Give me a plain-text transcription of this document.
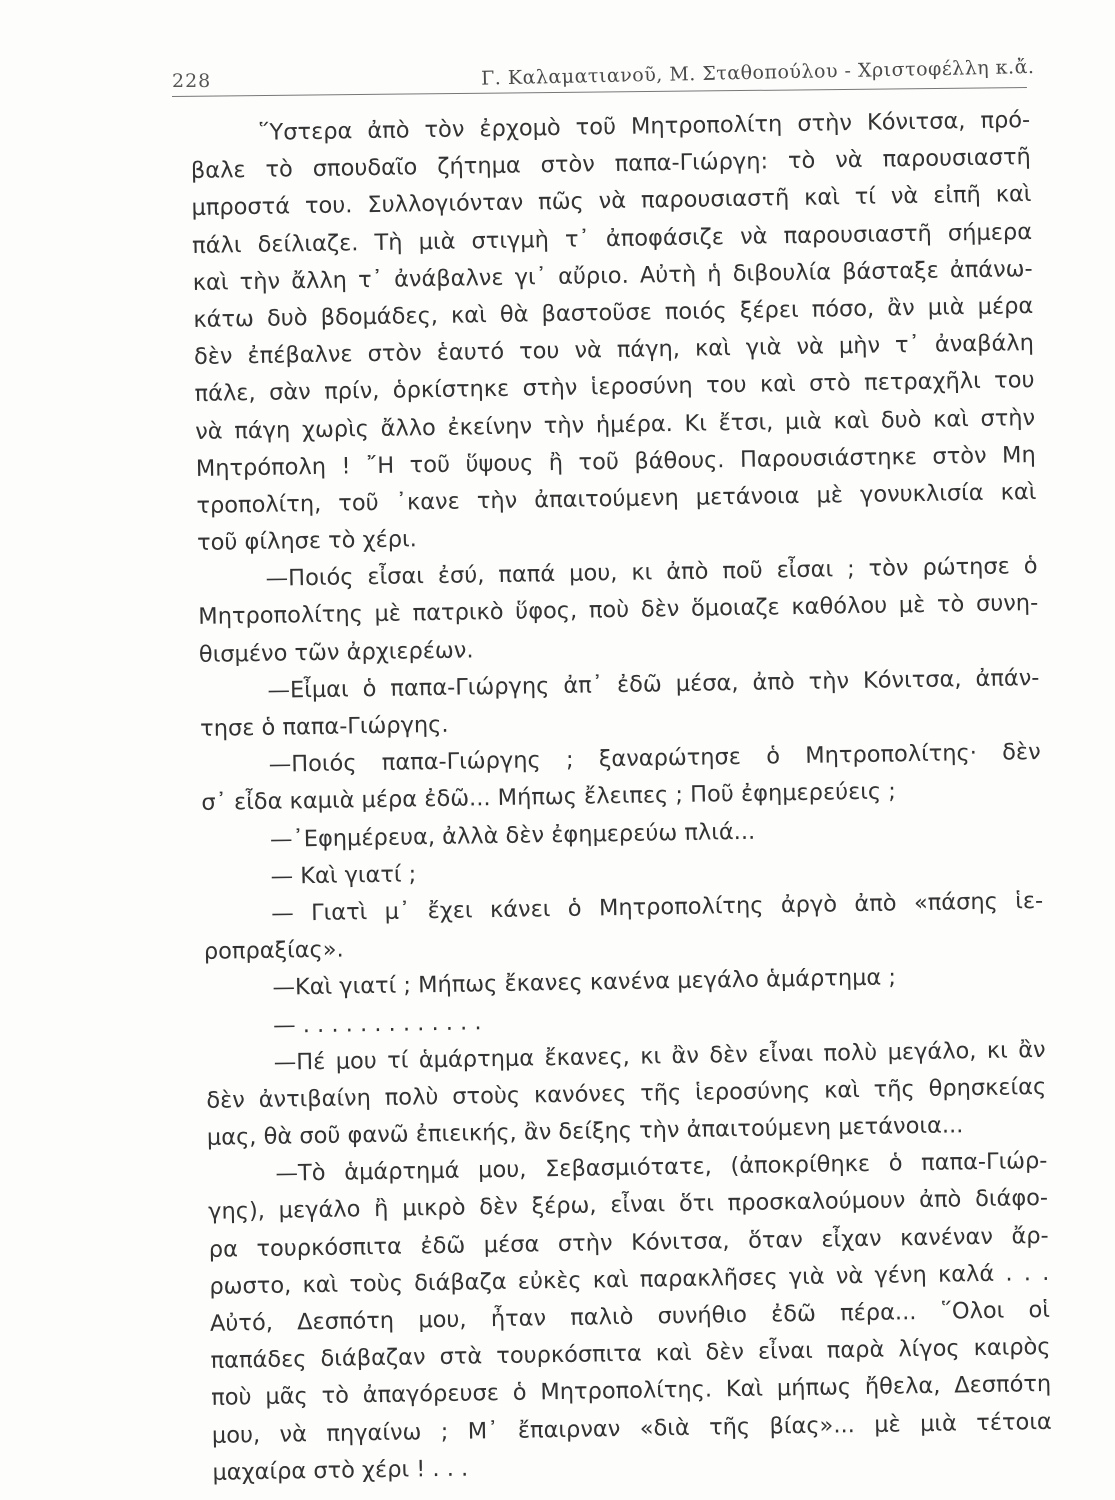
228	Γ. Καλαματιανοῦ, Μ. Σταθοπούλου - Χριστοφέλλη κ.ἄ.
῞Υστερα ἀπὸ τὸν ἐρχομὸ τοῦ Μητροπολίτη στὴν Κόνιτσα, πρό-
βαλε τὸ σπουδαῖο ζήτημα στὸν παπα-Γιώργη: τὸ νὰ παρουσιαστῆ
μπροστά του. Συλλογιόνταν πῶς νὰ παρουσιαστῆ καὶ τί νὰ εἰπῆ καὶ
πάλι δείλιαζε. Τὴ μιὰ στιγμὴ τ᾽ ἀποφάσιζε νὰ παρουσιαστῆ σήμερα
καὶ τὴν ἄλλη τ᾽ ἀνάβαλνε γι᾽ αὔριο. Αὐτὴ ἡ διβουλία βάσταξε ἀπάνω-
κάτω δυὸ βδομάδες, καὶ θὰ βαστοῦσε ποιός ξέρει πόσο, ἂν μιὰ μέρα
δὲν ἐπέβαλνε στὸν ἑαυτό του νὰ πάγη, καὶ γιὰ νὰ μὴν τ᾽ ἀναβάλη
πάλε, σὰν πρίν, ὁρκίστηκε στὴν ἱεροσύνη του καὶ στὸ πετραχῆλι του
νὰ πάγη χωρὶς ἄλλο ἐκείνην τὴν ἡμέρα. Κι ἔτσι, μιὰ καὶ δυὸ καὶ στὴν
Μητρόπολη ! ῎Η τοῦ ὕψους ἢ τοῦ βάθους. Παρουσιάστηκε στὸν Μη
τροπολίτη, τοῦ ᾽κανε τὴν ἀπαιτούμενη μετάνοια μὲ γονυκλισία καὶ
τοῦ φίλησε τὸ χέρι.
—Ποιός εἶσαι ἐσύ, παπά μου, κι ἀπὸ ποῦ εἶσαι ; τὸν ρώτησε ὁ
Μητροπολίτης μὲ πατρικὸ ὕφος, ποὺ δὲν ὅμοιαζε καθόλου μὲ τὸ συνη-
θισμένο τῶν ἀρχιερέων.
—Εἶμαι ὁ παπα-Γιώργης ἀπ᾽ ἐδῶ μέσα, ἀπὸ τὴν Κόνιτσα, ἀπάν-
τησε ὁ παπα-Γιώργης.
—Ποιός παπα-Γιώργης ; ξαναρώτησε ὁ Μητροπολίτης· δὲν
σ᾽ εἶδα καμιὰ μέρα ἐδῶ... Μήπως ἔλειπες ; Ποῦ ἐφημερεύεις ;
—᾽Εφημέρευα, ἀλλὰ δὲν ἐφημερεύω πλιά...
— Καὶ γιατί ;
— Γιατὶ μ᾽ ἔχει κάνει ὁ Μητροπολίτης ἀργὸ ἀπὸ «πάσης ἱε-
ροπραξίας».
—Καὶ γιατί ; Μήπως ἔκανες κανένα μεγάλο ἁμάρτημα ;
— . . . . . . . . . . . . .
—Πέ μου τί ἁμάρτημα ἔκανες, κι ἂν δὲν εἶναι πολὺ μεγάλο, κι ἂν
δὲν ἀντιβαίνη πολὺ στοὺς κανόνες τῆς ἱεροσύνης καὶ τῆς θρησκείας
μας, θὰ σοῦ φανῶ ἐπιεικής, ἂν δείξης τὴν ἀπαιτούμενη μετάνοια...
—Τὸ ἁμάρτημά μου, Σεβασμιότατε, (ἀποκρίθηκε ὁ παπα-Γιώρ-
γης), μεγάλο ἢ μικρὸ δὲν ξέρω, εἶναι ὅτι προσκαλούμουν ἀπὸ διάφο-
ρα τουρκόσπιτα ἐδῶ μέσα στὴν Κόνιτσα, ὅταν εἶχαν κανέναν ἄρ-
ρωστο, καὶ τοὺς διάβαζα εὐκὲς καὶ παρακλῆσες γιὰ νὰ γένη καλά . . .
Αὐτό, Δεσπότη μου, ἦταν παλιὸ συνήθιο ἐδῶ πέρα... ῞Ολοι οἱ
παπάδες διάβαζαν στὰ τουρκόσπιτα καὶ δὲν εἶναι παρὰ λίγος καιρὸς
ποὺ μᾶς τὸ ἀπαγόρευσε ὁ Μητροπολίτης. Καὶ μήπως ἤθελα, Δεσπότη
μου, νὰ πηγαίνω ; Μ᾽ ἔπαιρναν «διὰ τῆς βίας»... μὲ μιὰ τέτοια
μαχαίρα στὸ χέρι ! . . .
